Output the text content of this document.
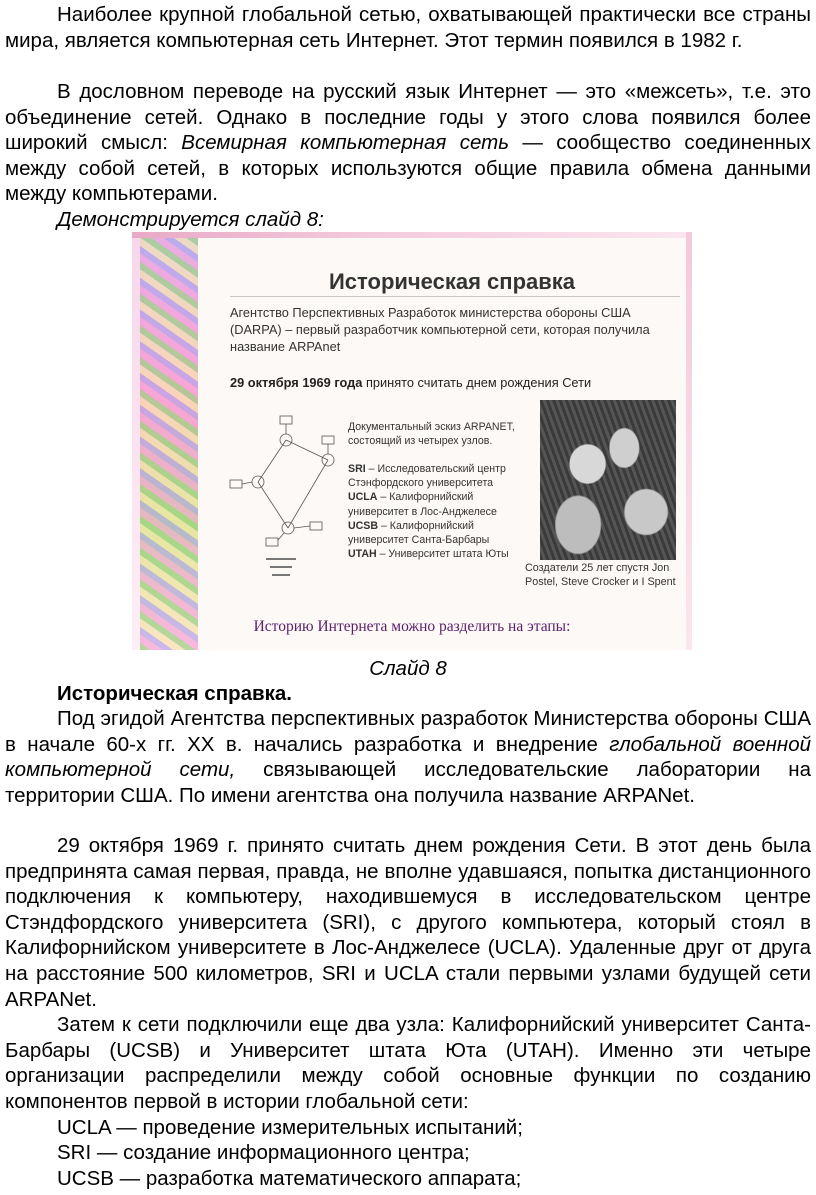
Наиболее крупной глобальной сетью, охватывающей практически все страны мира, является компьютерная сеть Интернет. Этот термин появился в 1982 г.

В дословном переводе на русский язык Интернет — это «межсеть», т.е. это объединение сетей. Однако в последние годы у этого слова появился более широкий смысл: Всемирная компьютерная сеть — сообщество соединенных между собой сетей, в которых используются общие правила обмена данными между компьютерами.

Демонстрируется слайд 8:

Историческая справка
Агентство Перспективных Разработок министерства обороны США (DARPA) – первый разработчик компьютерной сети, которая получила название ARPAnet
29 октября 1969 года принято считать днем рождения Сети
Документальный эскиз ARPANET, состоящий из четырех узлов.
SRI – Исследовательский центр Стэнфордского университета
UCLA – Калифорнийский университет в Лос-Анджелесе
UCSB – Калифорнийский университет Санта-Барбары
UTAH – Университет штата Юты
Создатели 25 лет спустя Jon Postel, Steve Crocker и I Spent
Историю Интернета можно разделить на этапы:

Слайд 8

Историческая справка.

Под эгидой Агентства перспективных разработок Министерства обороны США в начале 60-х гг. XX в. начались разработка и внедрение глобальной военной компьютерной сети, связывающей исследовательские лаборатории на территории США. По имени агентства она получила название ARPANet.

29 октября 1969 г. принято считать днем рождения Сети. В этот день была предпринята самая первая, правда, не вполне удавшаяся, попытка дистанционного подключения к компьютеру, находившемуся в исследовательском центре Стэндфордского университета (SRI), с другого компьютера, который стоял в Калифорнийском университете в Лос-Анджелесе (UCLA). Удаленные друг от друга на расстояние 500 километров, SRI и UCLA стали первыми узлами будущей сети ARPANet.

Затем к сети подключили еще два узла: Калифорнийский университет Санта-Барбары (UCSB) и Университет штата Юта (UTAH). Именно эти четыре организации распределили между собой основные функции по созданию компонентов первой в истории глобальной сети:

UCLA — проведение измерительных испытаний;

SRI — создание информационного центра;

UCSB — разработка математического аппарата;
